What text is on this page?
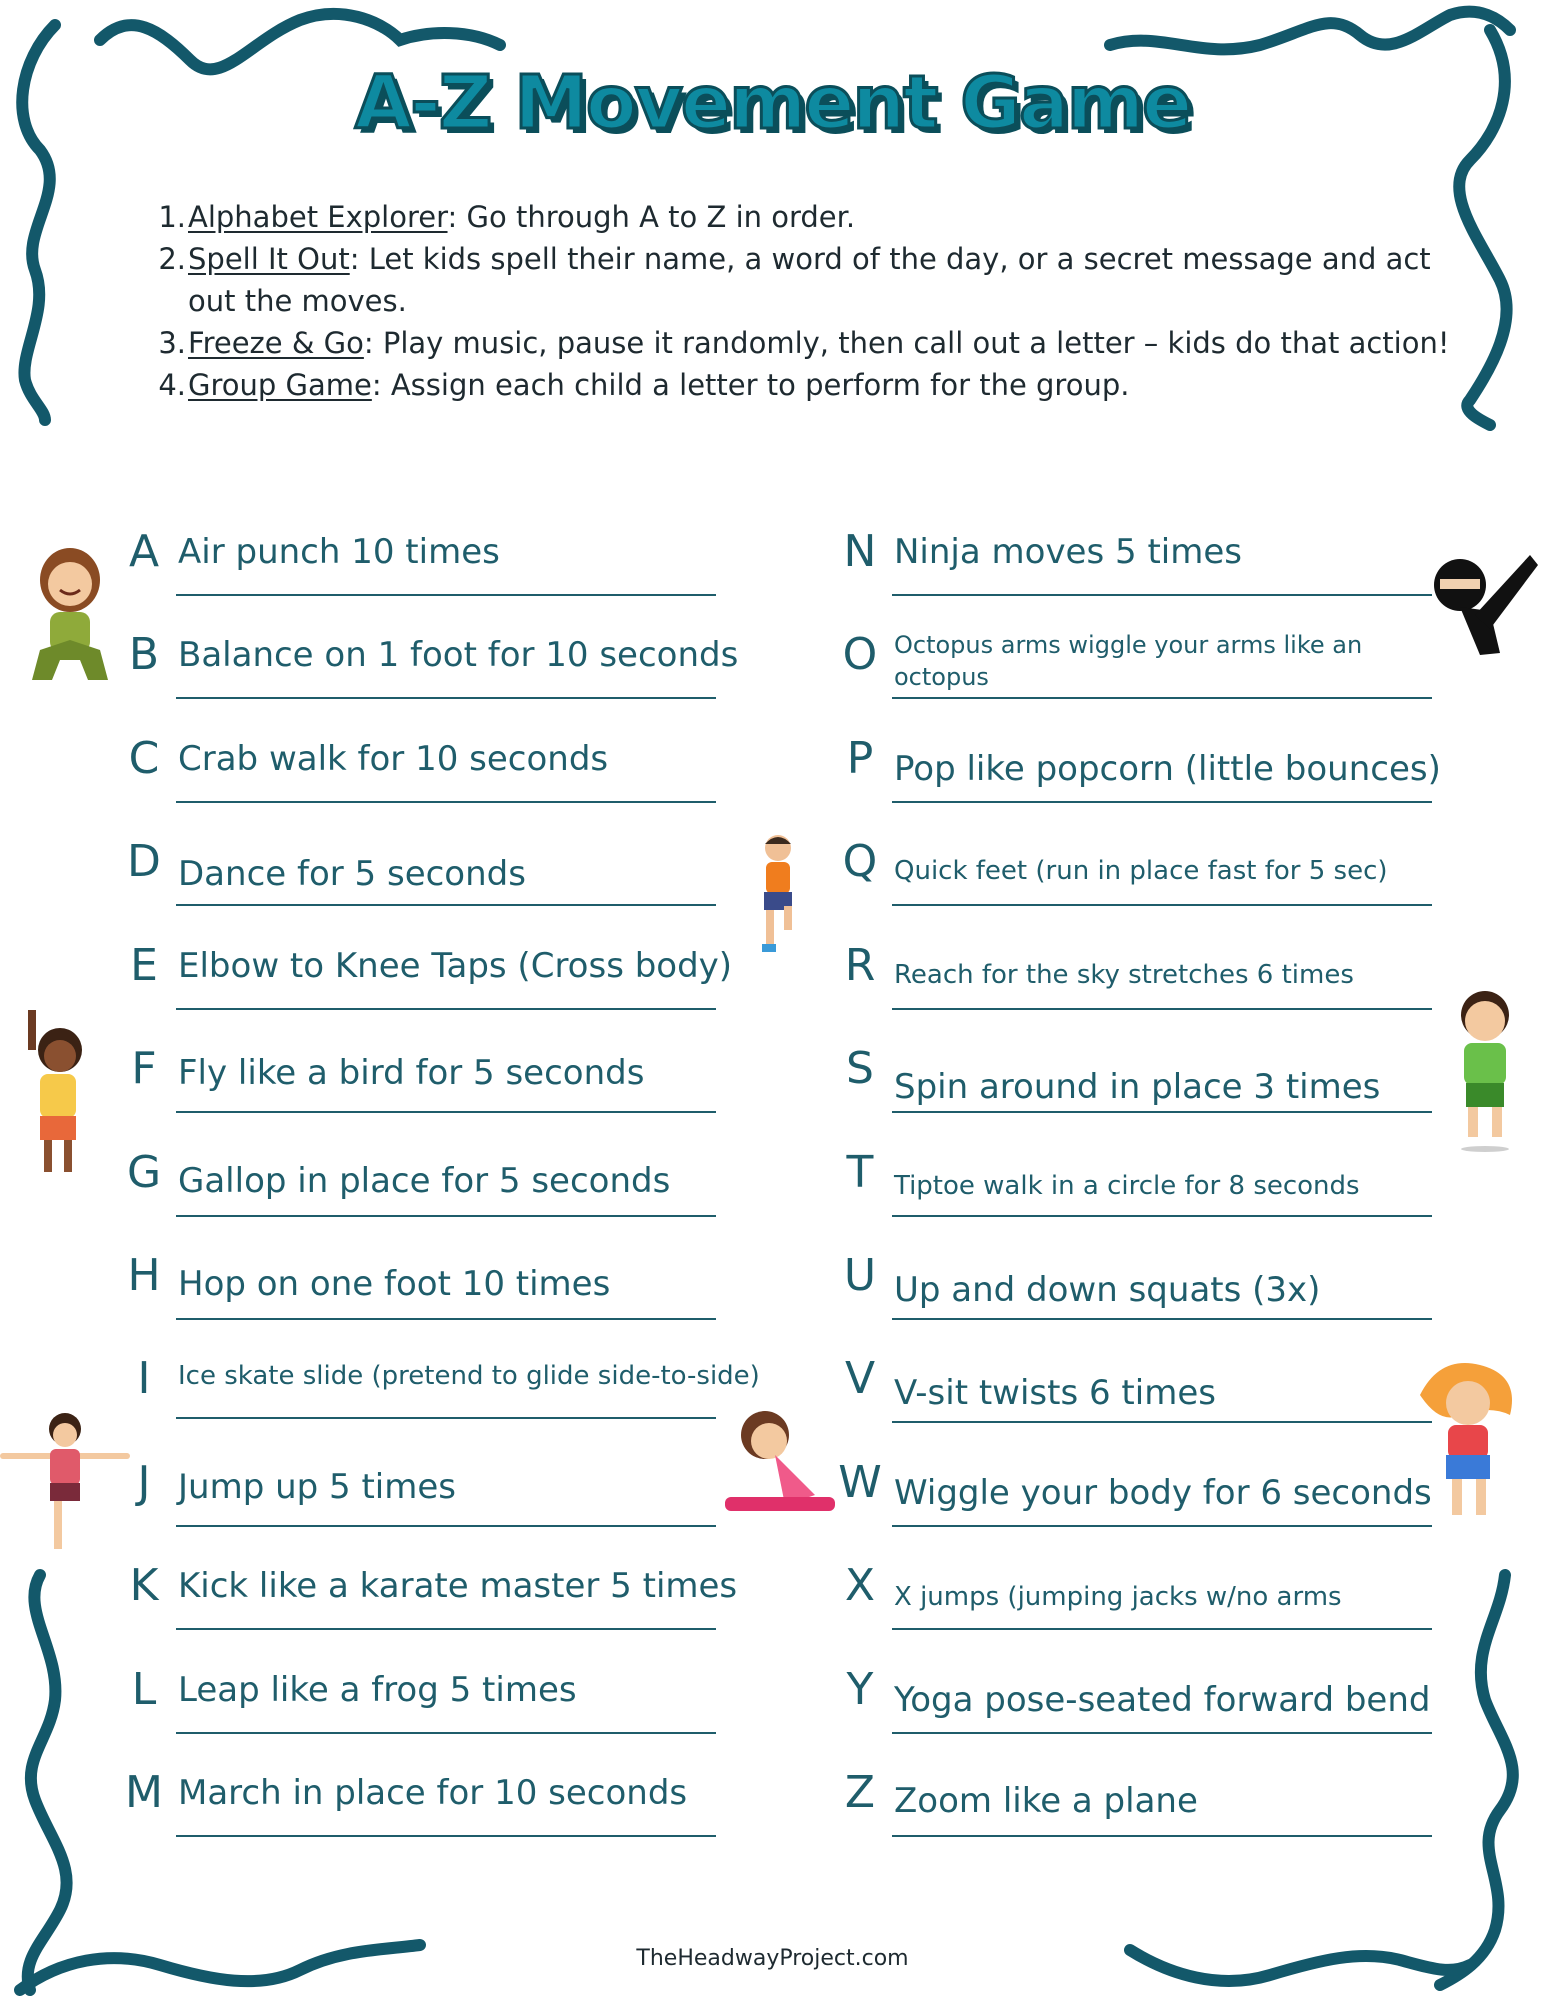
A-Z Movement Game
1. Alphabet Explorer: Go through A to Z in order.
2. Spell It Out: Let kids spell their name, a word of the day, or a secret message and act out the moves.
3. Freeze & Go: Play music, pause it randomly, then call out a letter – kids do that action!
4. Group Game: Assign each child a letter to perform for the group.
A Air punch 10 times
B Balance on 1 foot for 10 seconds
C Crab walk for 10 seconds
D Dance for 5 seconds
E Elbow to Knee Taps (Cross body)
F Fly like a bird for 5 seconds
G Gallop in place for 5 seconds
H Hop on one foot 10 times
I	Ice skate slide (pretend to glide side-to-side)
J Jump up 5 times
K Kick like a karate master 5 times
L Leap like a frog 5 times
M March in place for 10 seconds
N Ninja moves 5 times
O Octopus arms wiggle your arms like an octopus
P Pop like popcorn (little bounces)
Q Quick feet (run in place fast for 5 sec)
R Reach for the sky stretches 6 times
S Spin around in place 3 times
T Tiptoe walk in a circle for 8 seconds
U Up and down squats (3x)
V V-sit twists 6 times
W Wiggle your body for 6 seconds
X X jumps (jumping jacks w/no arms
Y Yoga pose-seated forward bend
Z Zoom like a plane
TheHeadwayProject.com
